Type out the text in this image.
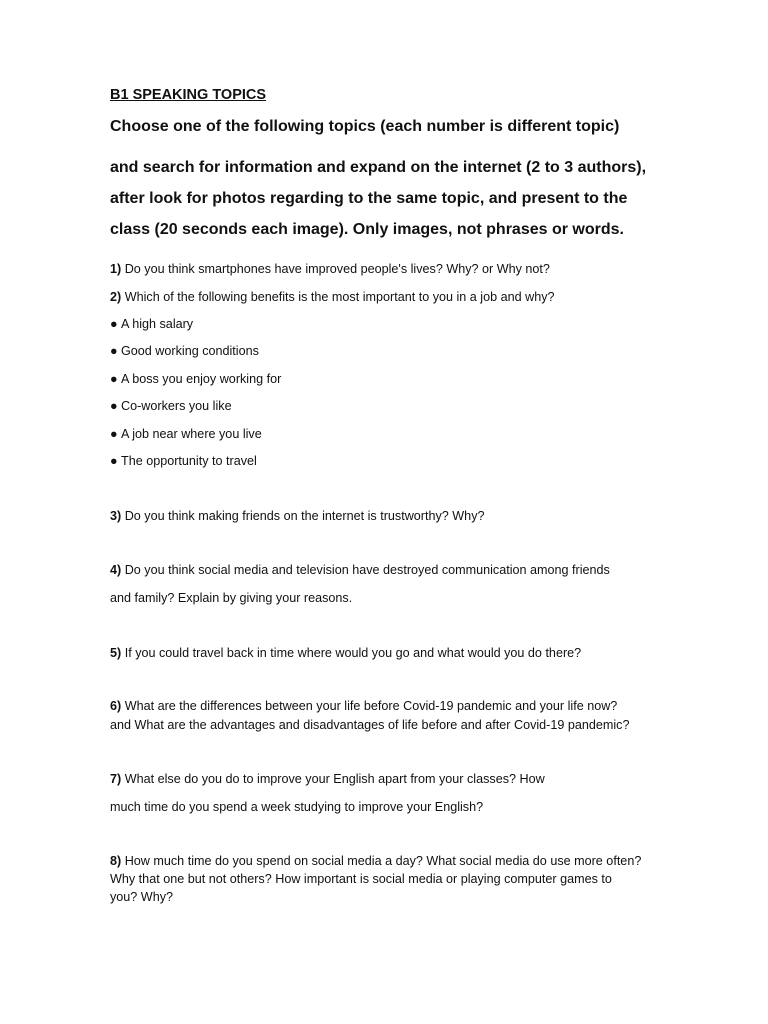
B1 SPEAKING TOPICS

Choose one of the following topics (each number is different topic)

and search for information and expand on the internet (2 to 3 authors),

after look for photos regarding to the same topic, and present to the

class (20 seconds each image). Only images, not phrases or words.

1) Do you think smartphones have improved people's lives? Why? or Why not?

2) Which of the following benefits is the most important to you in a job and why?

● A high salary

● Good working conditions

● A boss you enjoy working for

● Co-workers you like

● A job near where you live

● The opportunity to travel

3) Do you think making friends on the internet is trustworthy? Why?

4) Do you think social media and television have destroyed communication among friends

and family? Explain by giving your reasons.

5) If you could travel back in time where would you go and what would you do there?

6) What are the differences between your life before Covid-19 pandemic and your life now?

and What are the advantages and disadvantages of life before and after Covid-19 pandemic?

7) What else do you do to improve your English apart from your classes? How

much time do you spend a week studying to improve your English?

8) How much time do you spend on social media a day? What social media do use more often?

Why that one but not others? How important is social media or playing computer games to

you? Why?
